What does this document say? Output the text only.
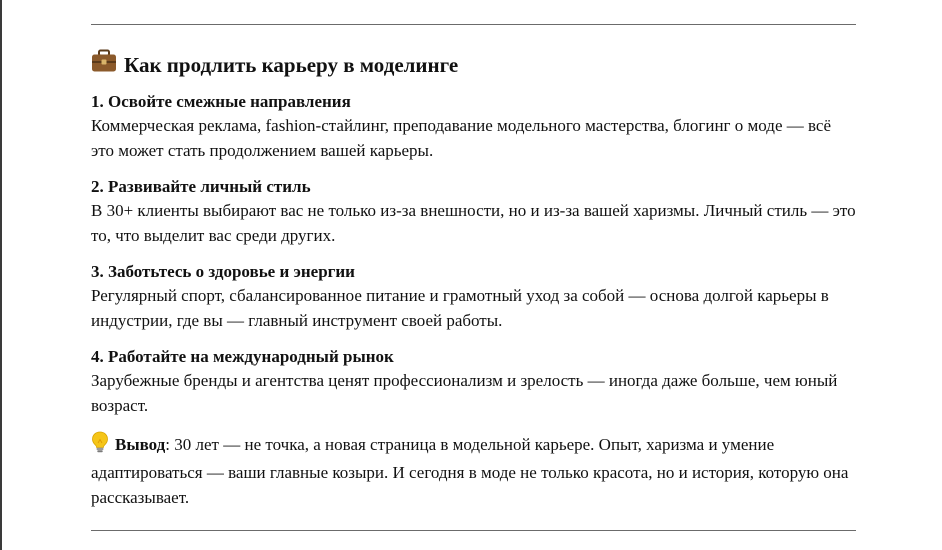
Как продлить карьеру в моделинге

1. Освойте смежные направления

Коммерческая реклама, fashion-стайлинг, преподавание модельного мастерства, блогинг о моде — всё это может стать продолжением вашей карьеры.

2. Развивайте личный стиль

В 30+ клиенты выбирают вас не только из-за внешности, но и из-за вашей харизмы. Личный стиль — это то, что выделит вас среди других.

3. Заботьтесь о здоровье и энергии

Регулярный спорт, сбалансированное питание и грамотный уход за собой — основа долгой карьеры в индустрии, где вы — главный инструмент своей работы.

4. Работайте на международный рынок

Зарубежные бренды и агентства ценят профессионализм и зрелость — иногда даже больше, чем юный возраст.

Вывод: 30 лет — не точка, а новая страница в модельной карьере. Опыт, харизма и умение адаптироваться — ваши главные козыри. И сегодня в моде не только красота, но и история, которую она рассказывает.
